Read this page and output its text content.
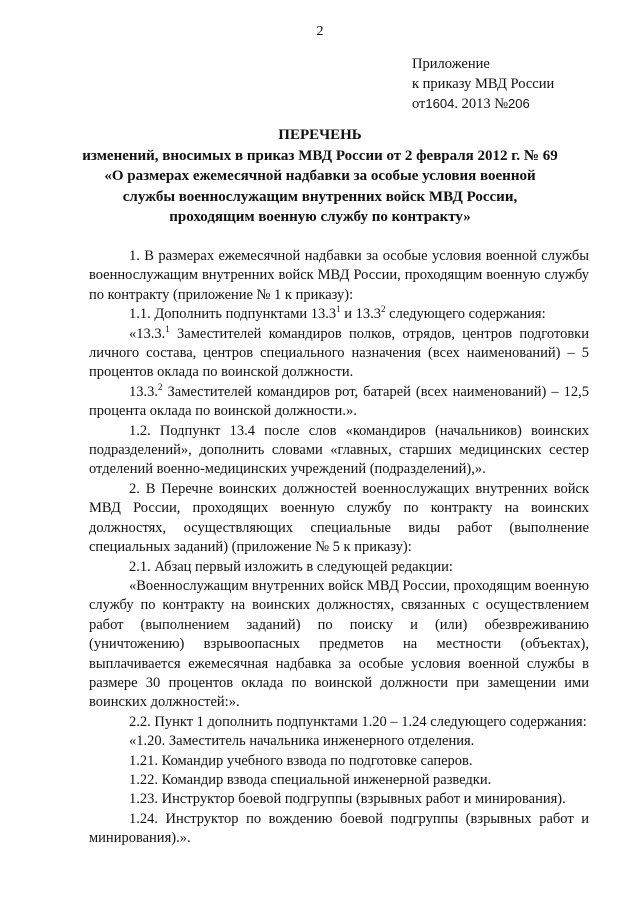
2
Приложение
к приказу МВД России
от1604. 2013 №206
ПЕРЕЧЕНЬ
изменений, вносимых в приказ МВД России от 2 февраля 2012 г. № 69
«О размерах ежемесячной надбавки за особые условия военной
службы военнослужащим внутренних войск МВД России,
проходящим военную службу по контракту»

1. В размерах ежемесячной надбавки за особые условия военной службы военнослужащим внутренних войск МВД России, проходящим военную службу по контракту (приложение № 1 к приказу):

1.1. Дополнить подпунктами 13.3$^1$ и 13.3$^2$ следующего содержания:

«13.3.$^1$ Заместителей командиров полков, отрядов, центров подготовки личного состава, центров специального назначения (всех наименований) – 5 процентов оклада по воинской должности.

13.3.$^2$ Заместителей командиров рот, батарей (всех наименований) – 12,5 процента оклада по воинской должности.».

1.2. Подпункт 13.4 после слов «командиров (начальников) воинских подразделений», дополнить словами «главных, старших медицинских сестер отделений военно-медицинских учреждений (подразделений),».

2. В Перечне воинских должностей военнослужащих внутренних войск МВД России, проходящих военную службу по контракту на воинских должностях, осуществляющих специальные виды работ (выполнение специальных заданий) (приложение № 5 к приказу):

2.1. Абзац первый изложить в следующей редакции:

«Военнослужащим внутренних войск МВД России, проходящим военную службу по контракту на воинских должностях, связанных с осуществлением работ (выполнением заданий) по поиску и (или) обезвреживанию (уничтожению) взрывоопасных предметов на местности (объектах), выплачивается ежемесячная надбавка за особые условия военной службы в размере 30 процентов оклада по воинской должности при замещении ими воинских должностей:».

2.2. Пункт 1 дополнить подпунктами 1.20 – 1.24 следующего содержания:

«1.20. Заместитель начальника инженерного отделения.

1.21. Командир учебного взвода по подготовке саперов.

1.22. Командир взвода специальной инженерной разведки.

1.23. Инструктор боевой подгруппы (взрывных работ и минирования).

1.24. Инструктор по вождению боевой подгруппы (взрывных работ и минирования).».
